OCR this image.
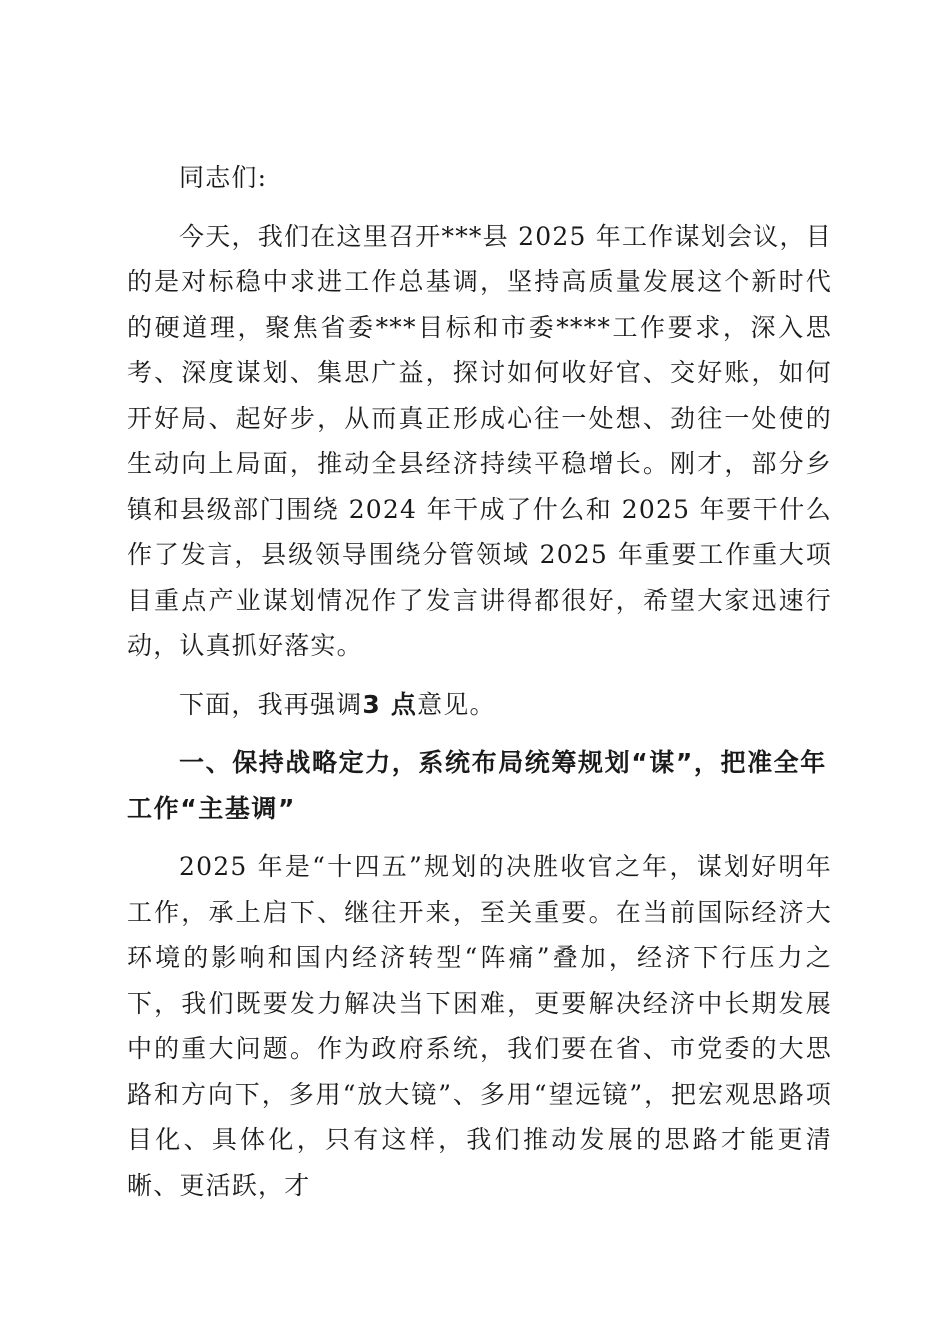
同志们:

今天，我们在这里召开***县 2025 年工作谋划会议，目的是对标稳中求进工作总基调，坚持高质量发展这个新时代的硬道理，聚焦省委***目标和市委****工作要求，深入思考、深度谋划、集思广益，探讨如何收好官、交好账，如何开好局、起好步，从而真正形成心往一处想、劲往一处使的生动向上局面，推动全县经济持续平稳增长。刚才，部分乡镇和县级部门围绕 2024 年干成了什么和 2025 年要干什么作了发言，县级领导围绕分管领域 2025 年重要工作重大项目重点产业谋划情况作了发言讲得都很好，希望大家迅速行动，认真抓好落实。

下面，我再强调3 点意见。

一、保持战略定力，系统布局统筹规划“谋”，把准全年工作“主基调”

2025 年是“十四五”规划的决胜收官之年，谋划好明年工作，承上启下、继往开来，至关重要。在当前国际经济大环境的影响和国内经济转型“阵痛”叠加，经济下行压力之下，我们既要发力解决当下困难，更要解决经济中长期发展中的重大问题。作为政府系统，我们要在省、市党委的大思路和方向下，多用“放大镜”、多用“望远镜”，把宏观思路项目化、具体化，只有这样，我们推动发展的思路才能更清晰、更活跃，才
